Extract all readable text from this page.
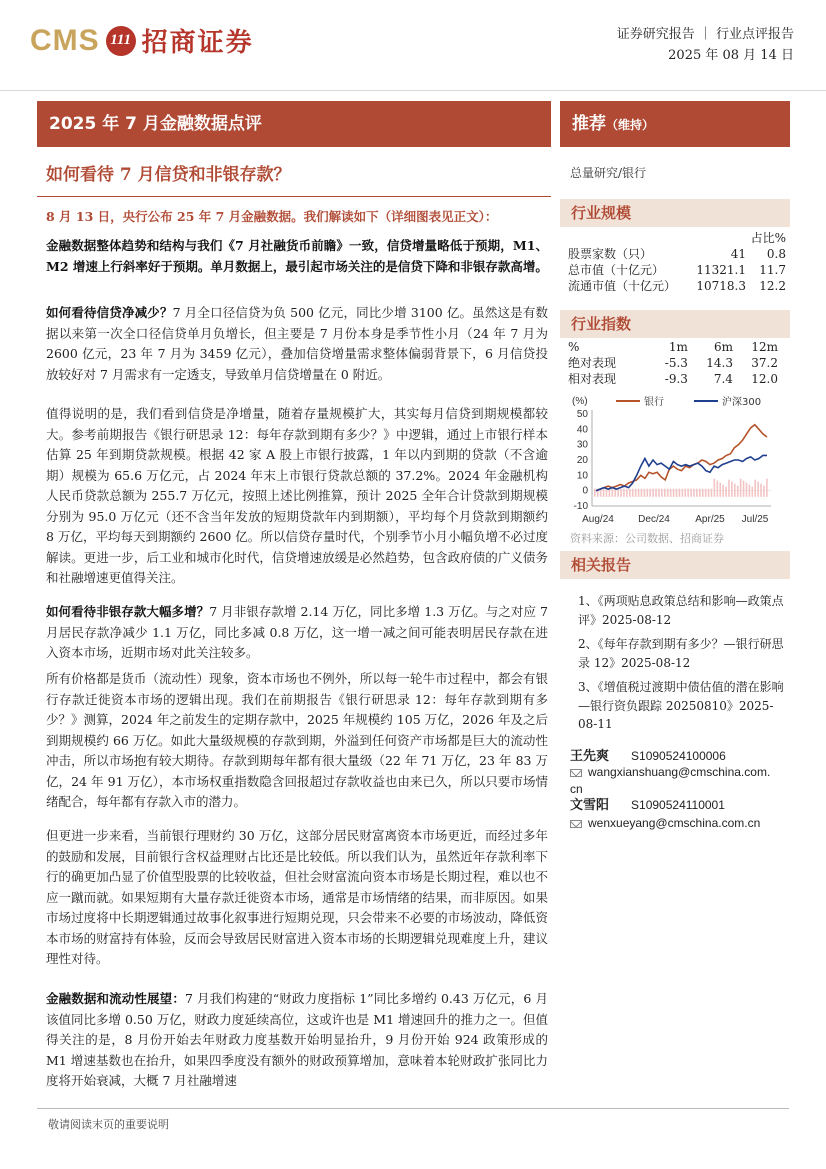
CMS 111 招商证券	证券研究报告 ｜ 行业点评报告
2025 年 08 月 14 日
2025 年 7 月金融数据点评
如何看待 7 月信贷和非银存款？
8 月 13 日，央行公布 25 年 7 月金融数据。我们解读如下（详细图表见正文）：
金融数据整体趋势和结构与我们《7 月社融货币前瞻》一致，信贷增量略低于预期，M1、M2 增速上行斜率好于预期。单月数据上，最引起市场关注的是信贷下降和非银存款高增。
如何看待信贷净减少？7 月全口径信贷为负 500 亿元，同比少增 3100 亿。虽然这是有数据以来第一次全口径信贷单月负增长，但主要是 7 月份本身是季节性小月（24 年 7 月为 2600 亿元，23 年 7 月为 3459 亿元），叠加信贷增量需求整体偏弱背景下，6 月信贷投放较好对 7 月需求有一定透支，导致单月信贷增量在 0 附近。
值得说明的是，我们看到信贷是净增量，随着存量规模扩大，其实每月信贷到期规模都较大。参考前期报告《银行研思录 12：每年存款到期有多少？》中逻辑，通过上市银行样本估算 25 年到期贷款规模。根据 42 家 A 股上市银行披露，1 年以内到期的贷款（不含逾期）规模为 65.6 万亿元，占 2024 年末上市银行贷款总额的 37.2%。2024 年金融机构人民币贷款总额为 255.7 万亿元，按照上述比例推算，预计 2025 全年合计贷款到期规模分别为 95.0 万亿元（还不含当年发放的短期贷款年内到期额），平均每个月贷款到期额约 8 万亿，平均每天到期额约 2600 亿。所以信贷存量时代，个别季节小月小幅负增不必过度解读。更进一步，后工业和城市化时代，信贷增速放缓是必然趋势，包含政府债的广义债务和社融增速更值得关注。
如何看待非银存款大幅多增？7 月非银存款增 2.14 万亿，同比多增 1.3 万亿。与之对应 7 月居民存款净减少 1.1 万亿，同比多减 0.8 万亿，这一增一减之间可能表明居民存款在进入资本市场，近期市场对此关注较多。
所有价格都是货币（流动性）现象，资本市场也不例外，所以每一轮牛市过程中，都会有银行存款迁徙资本市场的逻辑出现。我们在前期报告《银行研思录 12：每年存款到期有多少？》测算，2024 年之前发生的定期存款中，2025 年规模约 105 万亿，2026 年及之后到期规模约 66 万亿。如此大量级规模的存款到期，外溢到任何资产市场都是巨大的流动性冲击，所以市场抱有较大期待。存款到期每年都有很大量级（22 年 71 万亿，23 年 83 万亿，24 年 91 万亿），本市场权重指数隐含回报超过存款收益也由来已久，所以只要市场情绪配合，每年都有存款入市的潜力。
但更进一步来看，当前银行理财约 30 万亿，这部分居民财富离资本市场更近，而经过多年的鼓励和发展，目前银行含权益理财占比还是比较低。所以我们认为，虽然近年存款利率下行的确更加凸显了价值型股票的比较收益，但社会财富流向资本市场是长期过程，难以也不应一蹴而就。如果短期有大量存款迁徙资本市场，通常是市场情绪的结果，而非原因。如果市场过度将中长期逻辑通过故事化叙事进行短期兑现，只会带来不必要的市场波动，降低资本市场的财富持有体验，反而会导致居民财富进入资本市场的长期逻辑兑现难度上升，建议理性对待。
金融数据和流动性展望：7 月我们构建的“财政力度指标 1”同比多增约 0.43 万亿元，6 月该值同比多增 0.50 万亿，财政力度延续高位，这或许也是 M1 增速回升的推力之一。但值得关注的是，8 月份开始去年财政力度基数开始明显抬升，9 月份开始 924 政策形成的 M1 增速基数也在抬升，如果四季度没有额外的财政预算增加，意味着本轮财政扩张同比力度将开始衰减，大概 7 月社融增速
敬请阅读末页的重要说明
推荐（维持）
总量研究/银行
行业规模
		占比%
股票家数（只）	41	0.8
总市值（十亿元）	11321.1	11.7
流通市值（十亿元）	10718.3	12.2
行业指数
%	1m	6m	12m
绝对表现	-5.3	14.3	37.2
相对表现	-9.3	7.4	12.0
(%)
50
40
30
20
10
0
-10
银行	沪深300
Aug/24 Dec/24	Apr/25 Jul/25
资料来源：公司数据、招商证券
相关报告
1、《两项贴息政策总结和影响—政策点评》2025-08-12
2、《每年存款到期有多少？—银行研思录 12》2025-08-12
3、《增值税过渡期中债估值的潜在影响—银行资负跟踪 20250810》2025-08-11
王先爽 S1090524100006
wangxianshuang@cmschina.com.
cn
文雪阳 S1090524110001
wenxueyang@cmschina.com.cn
